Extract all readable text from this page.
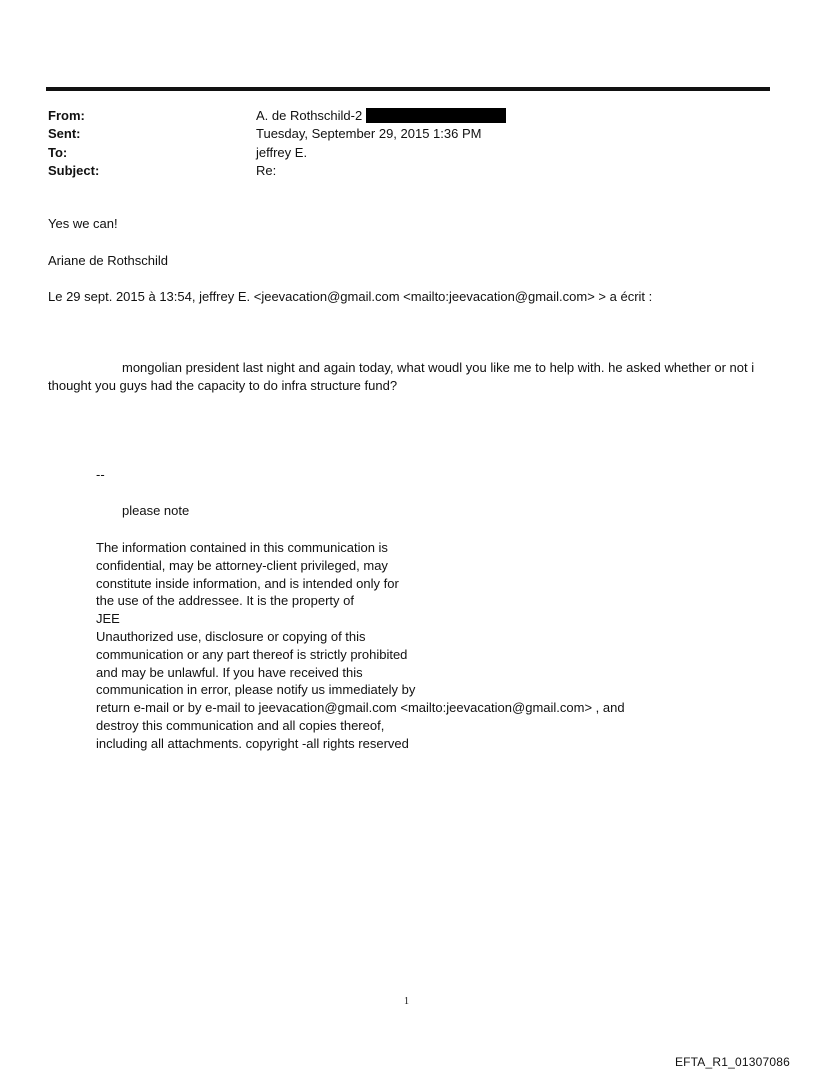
From:	A. de Rothschild-2
Sent:	Tuesday, September 29, 2015 1:36 PM
To:	jeffrey E.
Subject:	Re:
Yes we can!
Ariane de Rothschild
Le 29 sept. 2015 à 13:54, jeffrey E. <jeevacation@gmail.com <mailto:jeevacation@gmail.com> > a écrit :
mongolian president last night and again today, what woudl you like me to help with. he asked whether or not i thought you guys had the capacity to do infra structure fund?
--
please note
The information contained in this communication is
confidential, may be attorney-client privileged, may
constitute inside information, and is intended only for
the use of the addressee. It is the property of
JEE
Unauthorized use, disclosure or copying of this
communication or any part thereof is strictly prohibited
and may be unlawful. If you have received this
communication in error, please notify us immediately by
return e-mail or by e-mail to jeevacation@gmail.com <mailto:jeevacation@gmail.com> , and
destroy this communication and all copies thereof,
including all attachments. copyright -all rights reserved
1
EFTA_R1_01307086
